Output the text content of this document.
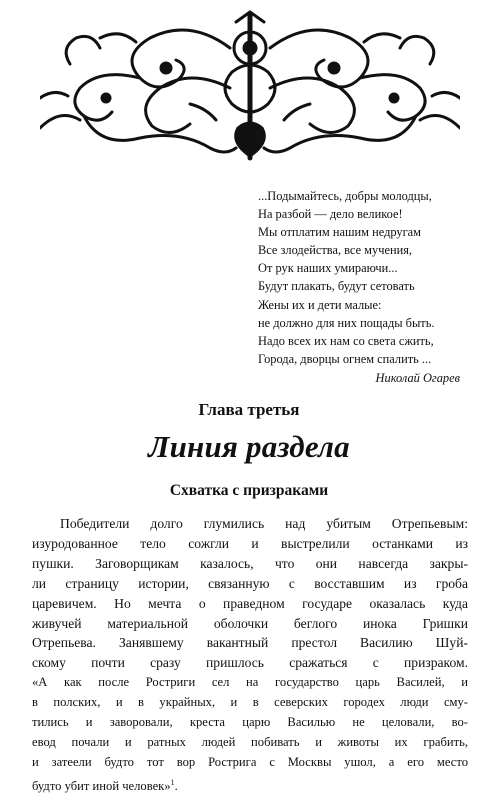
...Подымайтесь, добры молодцы,
На разбой — дело великое!
Мы отплатим нашим недругам
Все злодейства, все мучения,
От рук наших умираючи...
Будут плакать, будут сетовать
Жены их и дети малые:
не должно для них пощады быть.
Надо всех их нам со света сжить,
Города, дворцы огнем спалить ...
Николай Огарев
Глава третья
Линия раздела
Схватка с призраками
Победители долго глумились над убитым Отрепьевым:
изуродованное тело сожгли и выстрелили останками из
пушки. Заговорщикам казалось, что они навсегда закры-
ли страницу истории, связанную с восставшим из гроба
царевичем. Но мечта о праведном государе оказалась куда
живучей материальной оболочки беглого инока Гришки
Отрепьева. Занявшему вакантный престол Василию Шуй-
скому почти сразу пришлось сражаться с призраком.
«А как после Ростриги сел на государство царь Василей, и
в полских, и в украйных, и в северских городех люди сму-
тились и заворовали, креста царю Василью не целовали, во-
евод почали и ратных людей побивать и животы их грабить,
и затеели будто тот вор Рострига с Москвы ушол, а его место
будто убит иной человек»$^1$.
